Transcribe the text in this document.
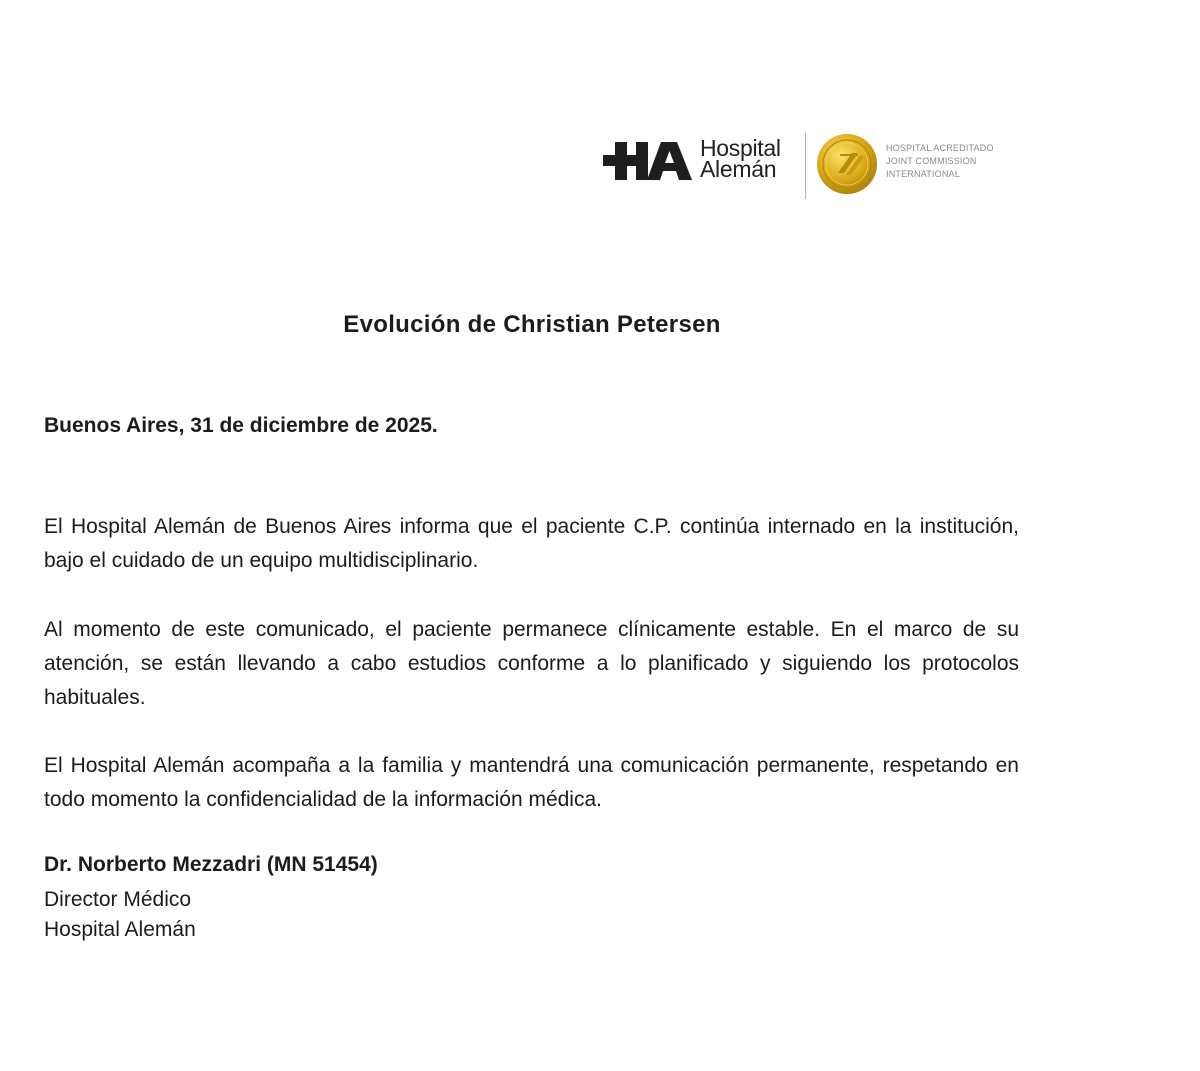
Hospital
Alemán
HOSPITAL ACREDITADO
JOINT COMMISSION
INTERNATIONAL
Evolución de Christian Petersen
Buenos Aires, 31 de diciembre de 2025.
El Hospital Alemán de Buenos Aires informa que el paciente C.P. continúa internado en la institución, bajo el cuidado de un equipo multidisciplinario.
Al momento de este comunicado, el paciente permanece clínicamente estable. En el marco de su atención, se están llevando a cabo estudios conforme a lo planificado y siguiendo los protocolos habituales.
El Hospital Alemán acompaña a la familia y mantendrá una comunicación permanente, respetando en todo momento la confidencialidad de la información médica.
Dr. Norberto Mezzadri (MN 51454)
Director Médico
Hospital Alemán
